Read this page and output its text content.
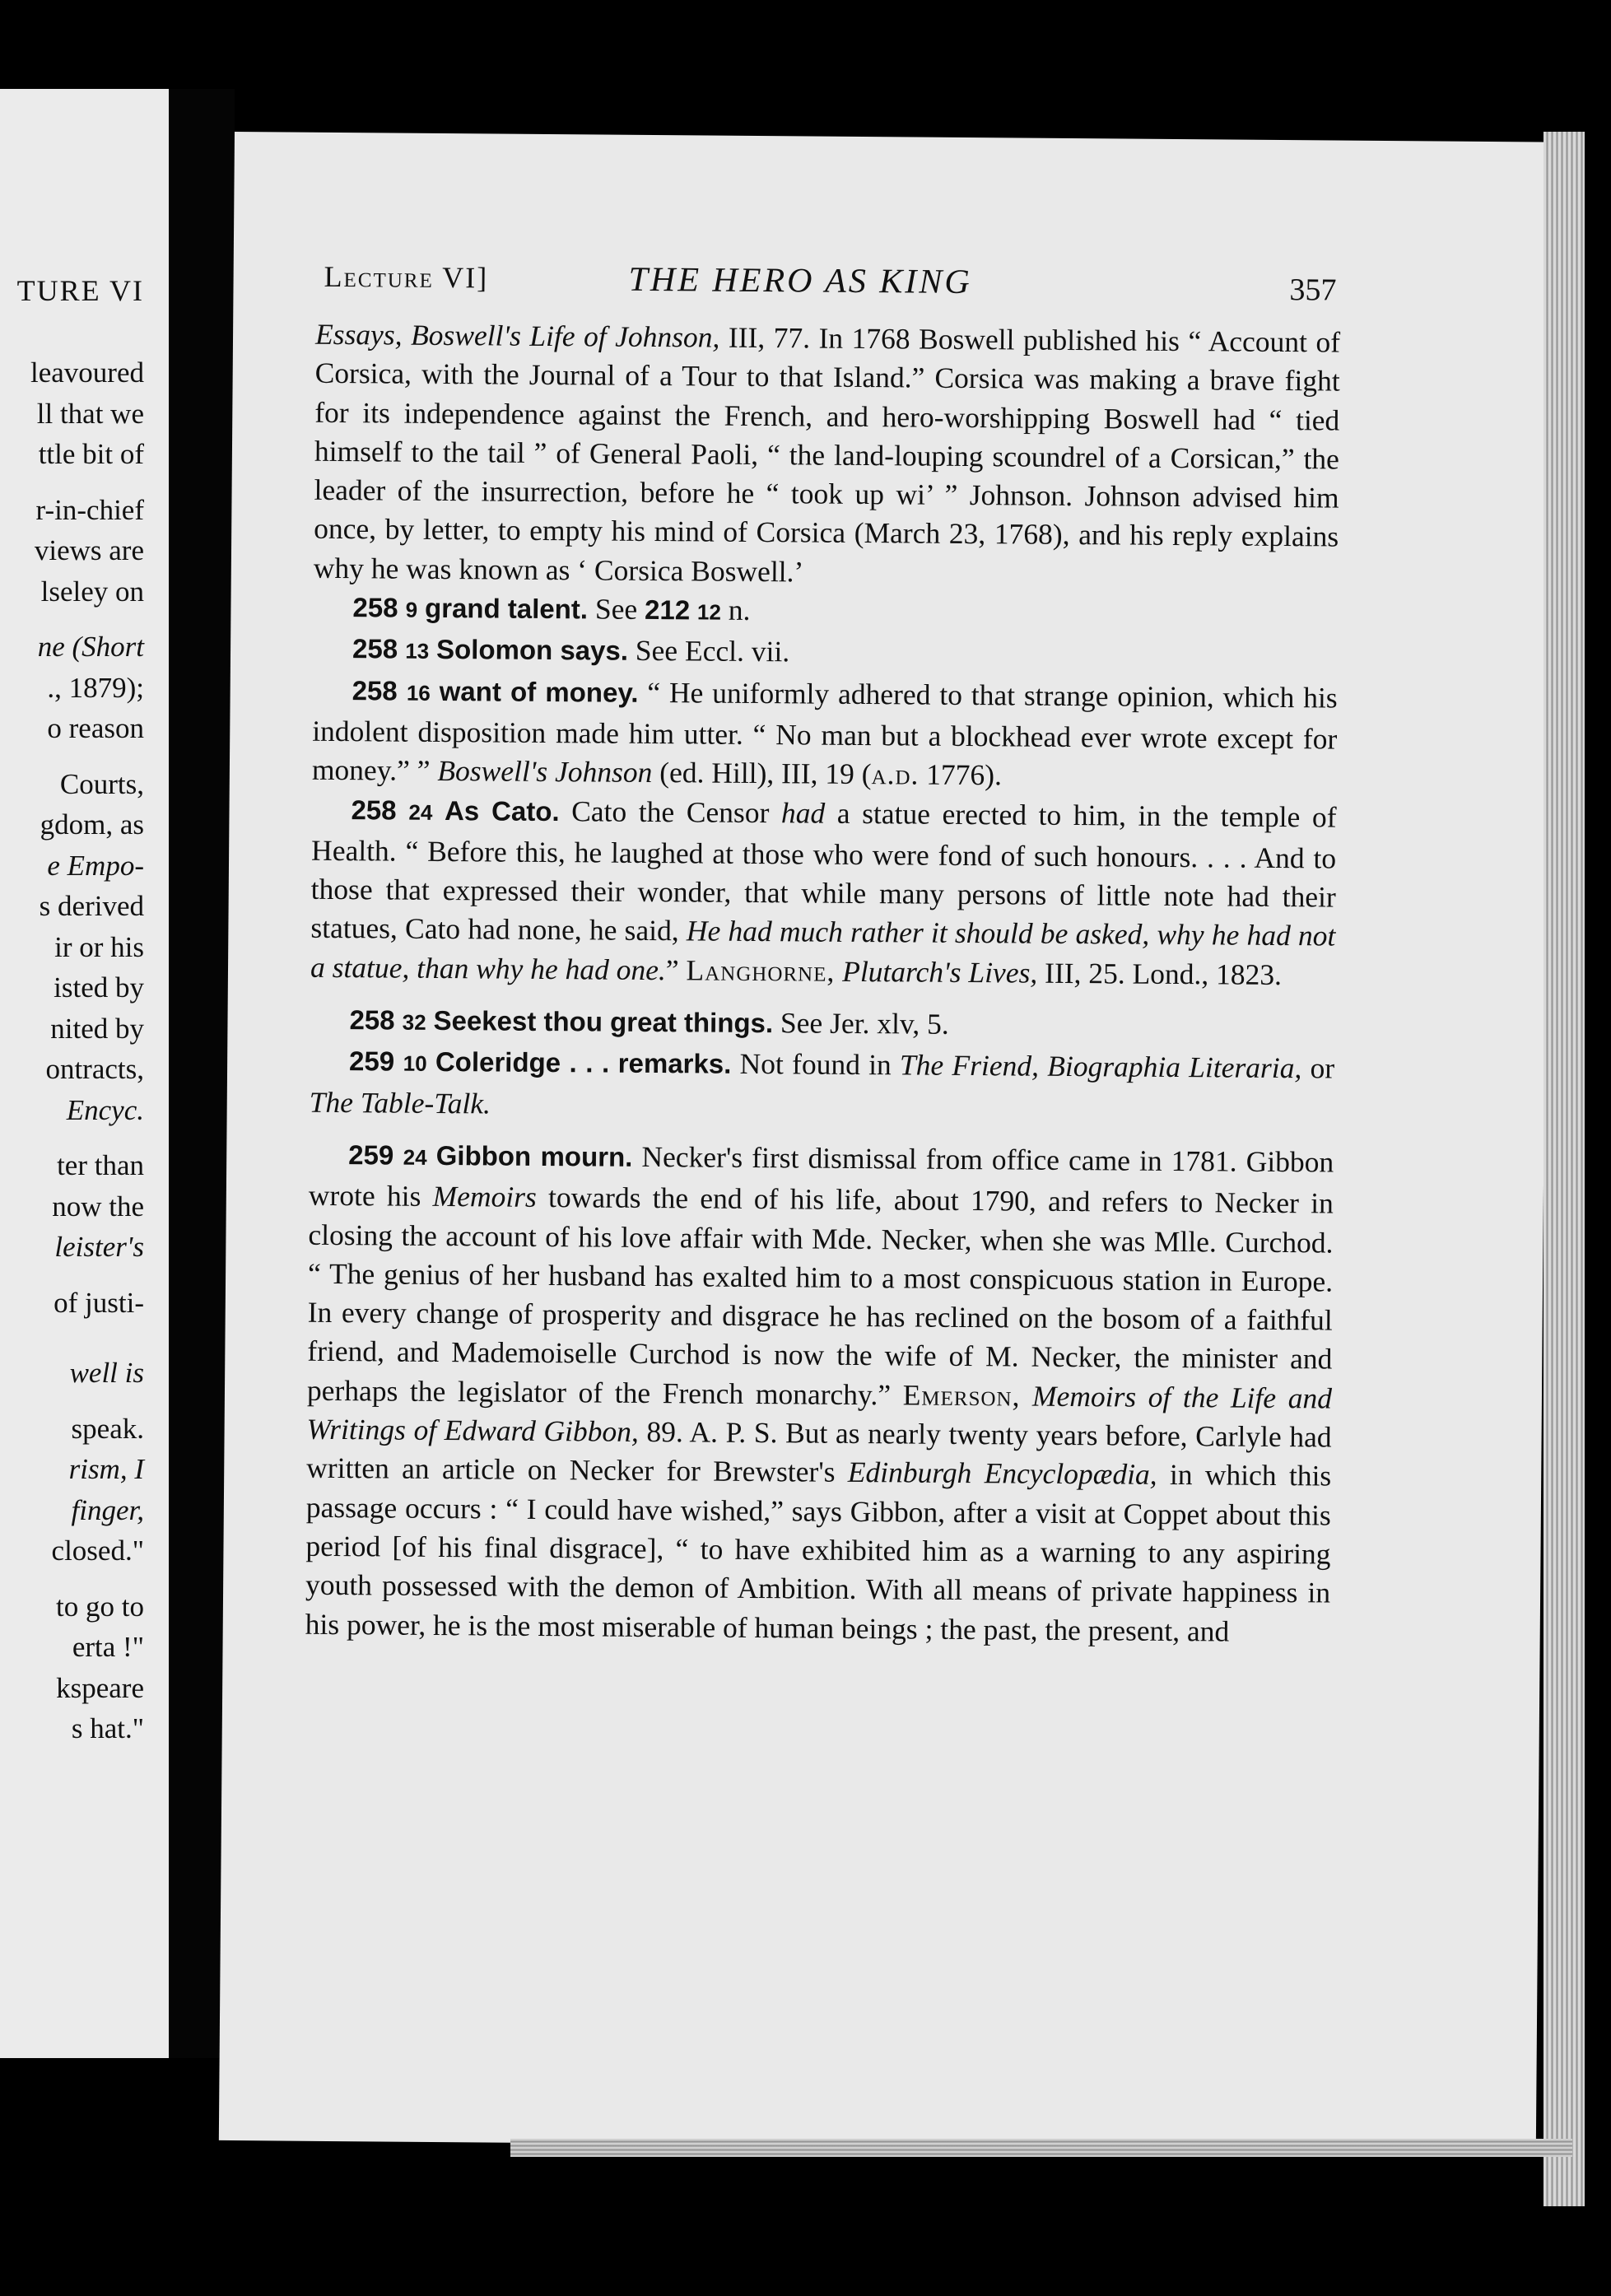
TURE VI
leavoured
ll that we
ttle bit of
r-in-chief
views are
lseley on
ne (Short
., 1879);
o reason
Courts,
gdom, as
e Empo-
s derived
ir or his
isted by
nited by
ontracts,
Encyc.
ter than
now the
leister's
of justi-
well is
speak.
rism, I
finger,
closed."
to go to
erta !"
kspeare
s hat."
Lecture VI]	THE HERO AS KING	357

Essays, Boswell's Life of Johnson, III, 77. In 1768 Boswell published his “ Account of Corsica, with the Journal of a Tour to that Island.” Corsica was making a brave fight for its independence against the French, and hero-worshipping Boswell had “ tied himself to the tail ” of General Paoli, “ the land-louping scoundrel of a Corsican,” the leader of the insurrection, before he “ took up wi’ ” Johnson. Johnson advised him once, by letter, to empty his mind of Corsica (March 23, 1768), and his reply explains why he was known as ‘ Corsica Boswell.’

258 9 grand talent. See 212 12 n.

258 13 Solomon says. See Eccl. vii.

258 16 want of money. “ He uniformly adhered to that strange opinion, which his indolent disposition made him utter. “ No man but a blockhead ever wrote except for money.” ” Boswell's Johnson (ed. Hill), III, 19 (a.d. 1776).

258 24 As Cato. Cato the Censor had a statue erected to him, in the temple of Health. “ Before this, he laughed at those who were fond of such honours. . . . And to those that expressed their wonder, that while many persons of little note had their statues, Cato had none, he said, He had much rather it should be asked, why he had not a statue, than why he had one.” Langhorne, Plutarch's Lives, III, 25. Lond., 1823.

258 32 Seekest thou great things. See Jer. xlv, 5.

259 10 Coleridge . . . remarks. Not found in The Friend, Biographia Literaria, or The Table-Talk.

259 24 Gibbon mourn. Necker's first dismissal from office came in 1781. Gibbon wrote his Memoirs towards the end of his life, about 1790, and refers to Necker in closing the account of his love affair with Mde. Necker, when she was Mlle. Curchod. “ The genius of her husband has exalted him to a most conspicuous station in Europe. In every change of prosperity and disgrace he has reclined on the bosom of a faithful friend, and Mademoiselle Curchod is now the wife of M. Necker, the minister and perhaps the legislator of the French monarchy.” Emerson, Memoirs of the Life and Writings of Edward Gibbon, 89. A. P. S. But as nearly twenty years before, Carlyle had written an article on Necker for Brewster's Edinburgh Encyclopædia, in which this passage occurs : “ I could have wished,” says Gibbon, after a visit at Coppet about this period [of his final disgrace], “ to have exhibited him as a warning to any aspiring youth possessed with the demon of Ambition. With all means of private happiness in his power, he is the most miserable of human beings ; the past, the present, and
